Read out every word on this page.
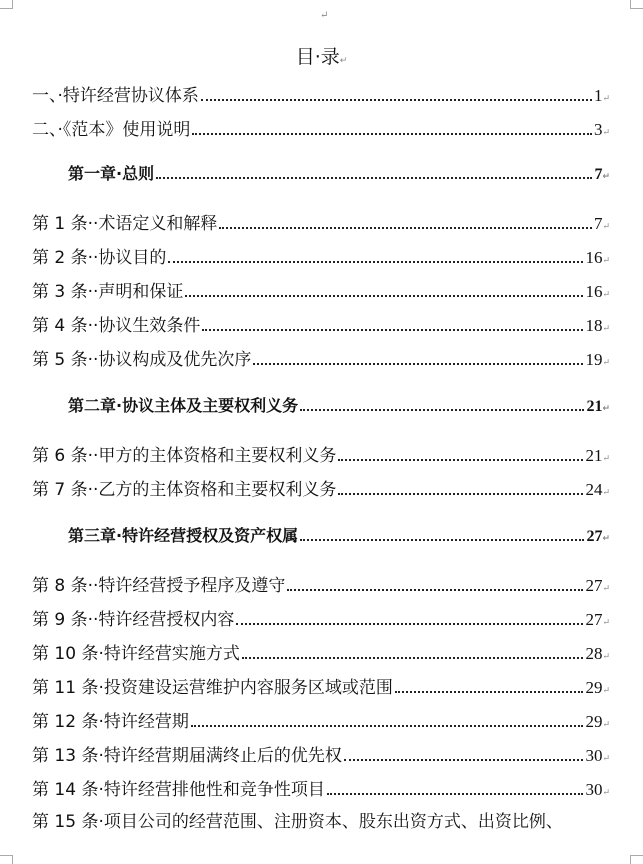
↵
目·录↵
一、·特许经营协议体系	1 ↵
二、·《范本》使用说明	3 ↵
第一章·总则	7 ↵
第 1 条··术语定义和解释	7 ↵
第 2 条··协议目的	16 ↵
第 3 条··声明和保证	16 ↵
第 4 条··协议生效条件	18 ↵
第 5 条··协议构成及优先次序	19 ↵
第二章·协议主体及主要权利义务	21 ↵
第 6 条··甲方的主体资格和主要权利义务	21 ↵
第 7 条··乙方的主体资格和主要权利义务	24 ↵
第三章·特许经营授权及资产权属	27 ↵
第 8 条··特许经营授予程序及遵守	27 ↵
第 9 条··特许经营授权内容	27 ↵
第 10 条·特许经营实施方式	28 ↵
第 11 条·投资建设运营维护内容服务区域或范围	29 ↵
第 12 条·特许经营期	29 ↵
第 13 条·特许经营期届满终止后的优先权	30 ↵
第 14 条·特许经营排他性和竞争性项目	30 ↵
第 15 条·项目公司的经营范围、注册资本、股东出资方式、出资比例、
